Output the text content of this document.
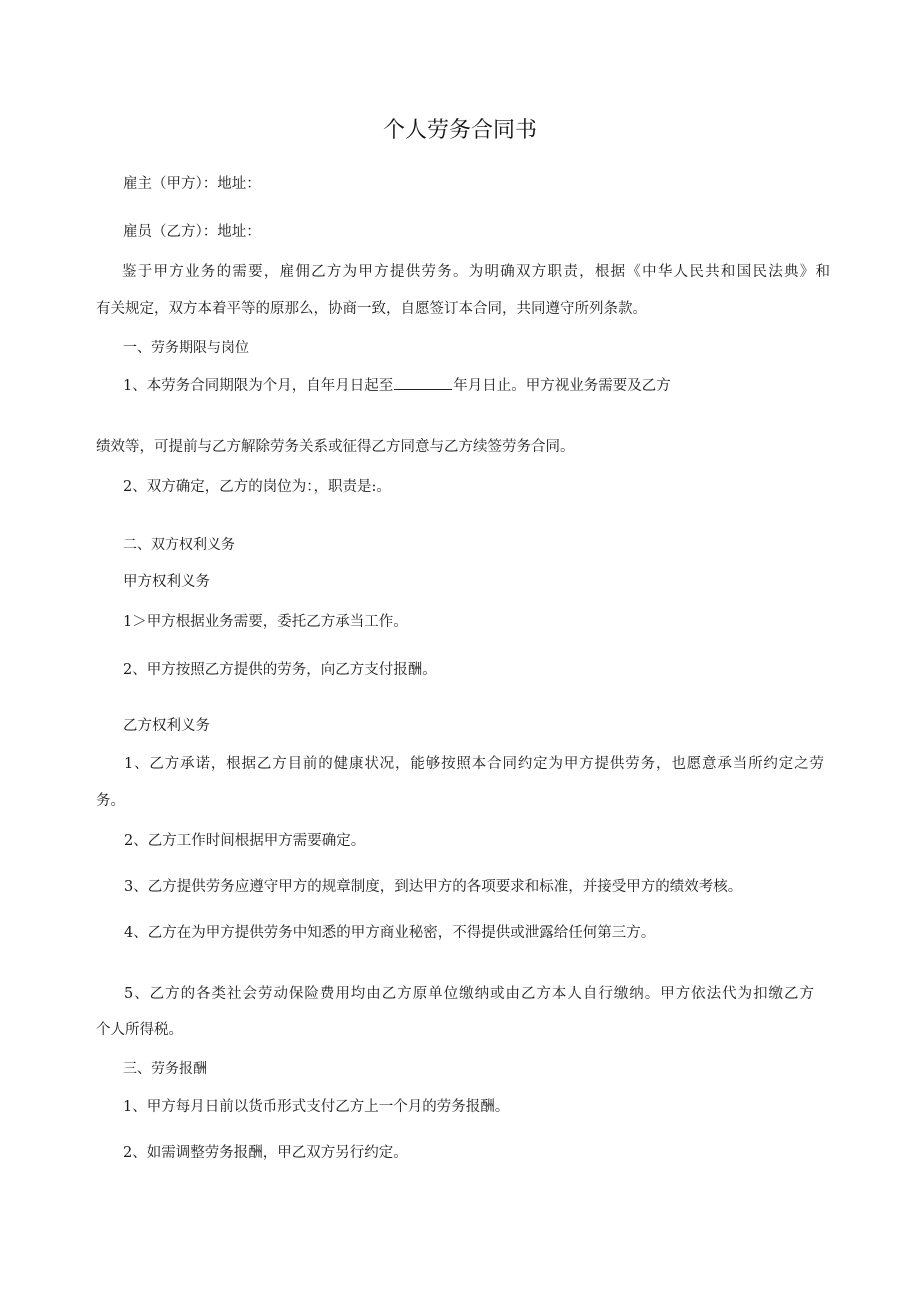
个人劳务合同书

雇主（甲方）：地址：

雇员（乙方）：地址：

鉴于甲方业务的需要，雇佣乙方为甲方提供劳务。为明确双方职责，根据《中华人民共和国民法典》和

有关规定，双方本着平等的原那么，协商一致，自愿签订本合同，共同遵守所列条款。

一、劳务期限与岗位

1、本劳务合同期限为个月，自年月日起至	年月日止。甲方视业务需要及乙方

绩效等，可提前与乙方解除劳务关系或征得乙方同意与乙方续签劳务合同。

2、双方确定，乙方的岗位为：，职责是:。

二、双方权利义务

甲方权利义务

1＞甲方根据业务需要，委托乙方承当工作。

2、甲方按照乙方提供的劳务，向乙方支付报酬。

乙方权利义务

1、乙方承诺，根据乙方目前的健康状况，能够按照本合同约定为甲方提供劳务，也愿意承当所约定之劳

务。

2、乙方工作时间根据甲方需要确定。

3、乙方提供劳务应遵守甲方的规章制度，到达甲方的各项要求和标准，并接受甲方的绩效考核。

4、乙方在为甲方提供劳务中知悉的甲方商业秘密，不得提供或泄露给任何第三方。

5、乙方的各类社会劳动保险费用均由乙方原单位缴纳或由乙方本人自行缴纳。甲方依法代为扣缴乙方

个人所得税。

三、劳务报酬

1、甲方每月日前以货币形式支付乙方上一个月的劳务报酬。

2、如需调整劳务报酬，甲乙双方另行约定。
